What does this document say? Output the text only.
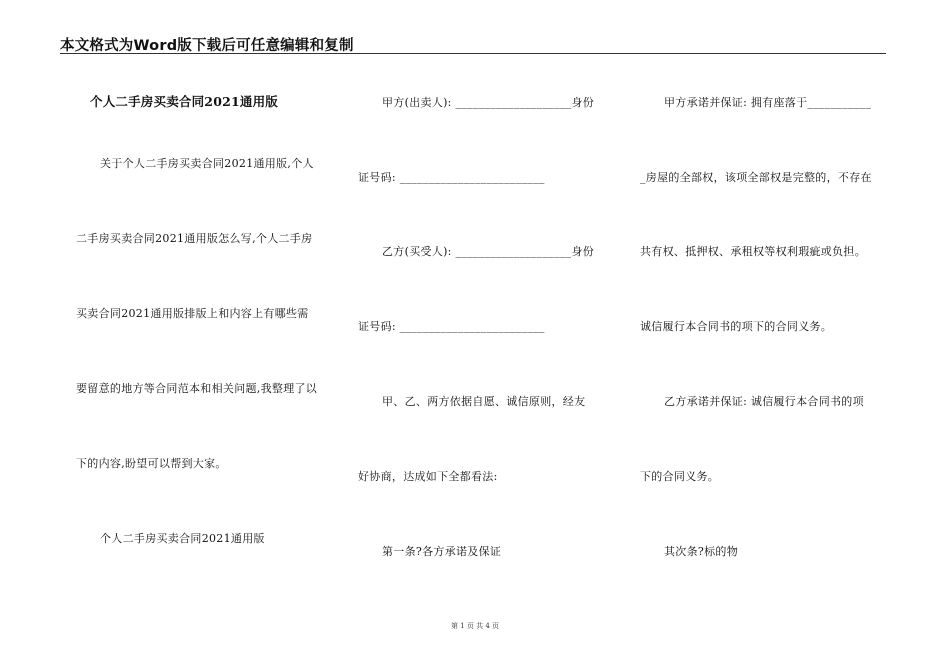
本文格式为Word版下载后可任意编辑和复制
个人二手房买卖合同2021通用版
关于个人二手房买卖合同2021通用版,个人
二手房买卖合同2021通用版怎么写,个人二手房
买卖合同2021通用版排版上和内容上有哪些需
要留意的地方等合同范本和相关问题,我整理了以
下的内容,盼望可以帮到大家。
个人二手房买卖合同2021通用版
甲方(出卖人): ____________________身份
证号码: _________________________
乙方(买受人): ____________________身份
证号码: _________________________
甲、乙、两方依据自愿、诚信原则，经友
好协商，达成如下全都看法:
第一条?各方承诺及保证
甲方承诺并保证: 拥有座落于___________
_房屋的全部权，该项全部权是完整的，不存在
共有权、抵押权、承租权等权利瑕疵或负担。
诚信履行本合同书的项下的合同义务。
乙方承诺并保证: 诚信履行本合同书的项
下的合同义务。
其次条?标的物
第 1 页 共 4 页
